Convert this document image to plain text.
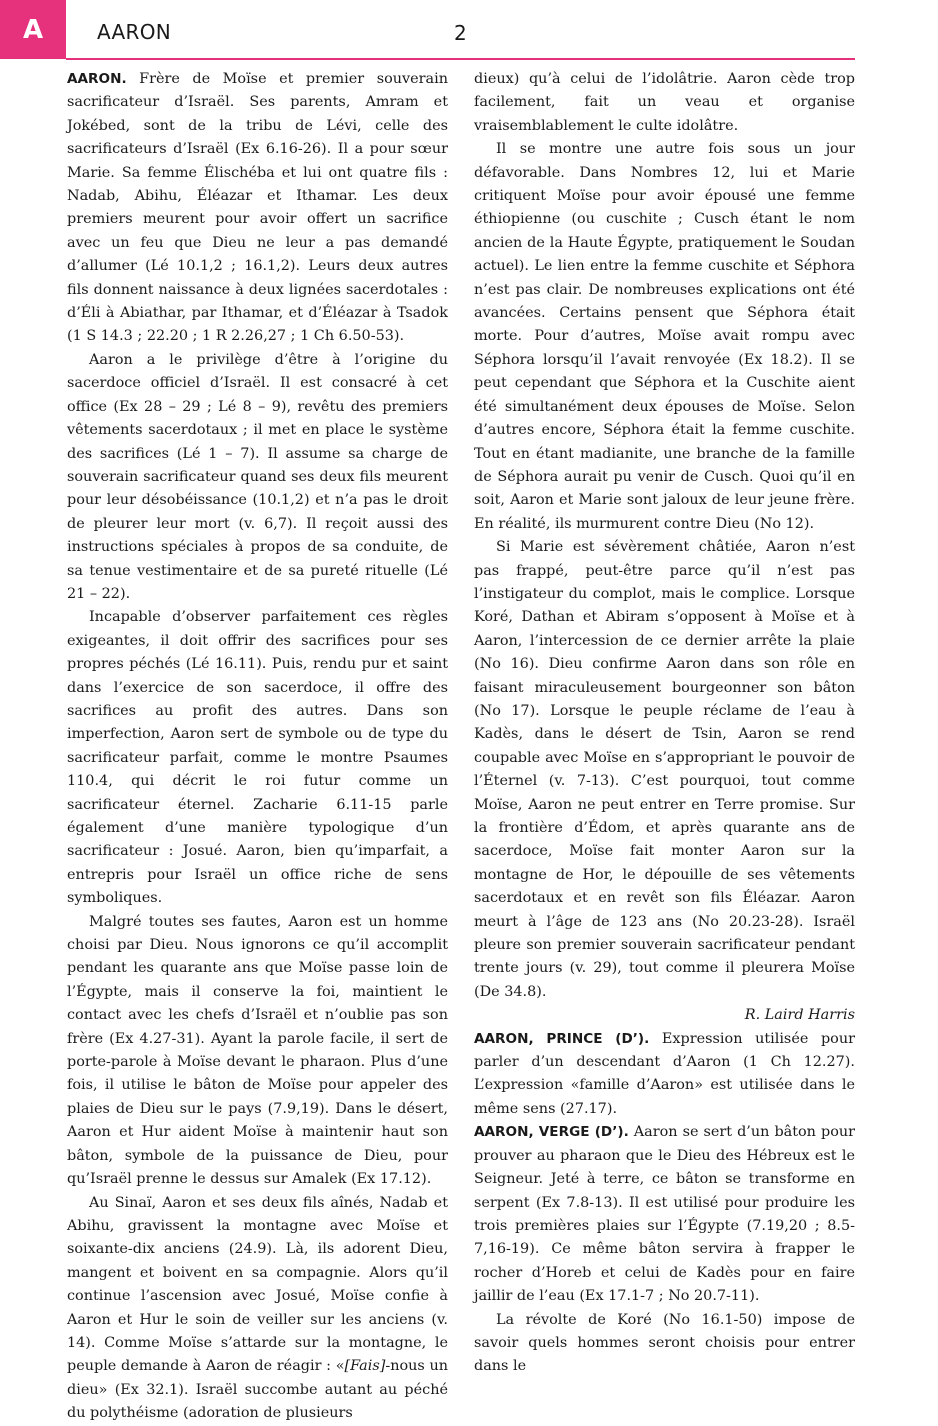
A	AARON	2

AARON. Frère de Moïse et premier souverain sacrificateur d’Israël. Ses parents, Amram et Jokébed, sont de la tribu de Lévi, celle des sacrificateurs d’Israël (Ex 6.16-26). Il a pour sœur Marie. Sa femme Élischéba et lui ont quatre fils : Nadab, Abihu, Éléazar et Ithamar. Les deux premiers meurent pour avoir offert un sacrifice avec un feu que Dieu ne leur a pas demandé d’allumer (Lé 10.1,2 ; 16.1,2). Leurs deux autres fils donnent naissance à deux lignées sacerdotales : d’Éli à Abiathar, par Ithamar, et d’Éléazar à Tsadok (1 S 14.3 ; 22.20 ; 1 R 2.26,27 ; 1 Ch 6.50-53).

Aaron a le privilège d’être à l’origine du sacerdoce officiel d’Israël. Il est consacré à cet office (Ex 28 – 29 ; Lé 8 – 9), revêtu des premiers vêtements sacerdotaux ; il met en place le système des sacrifices (Lé 1 – 7). Il assume sa charge de souverain sacrificateur quand ses deux fils meurent pour leur désobéissance (10.1,2) et n’a pas le droit de pleurer leur mort (v. 6,7). Il reçoit aussi des instructions spéciales à propos de sa conduite, de sa tenue vestimentaire et de sa pureté rituelle (Lé 21 – 22).

Incapable d’observer parfaitement ces règles exigeantes, il doit offrir des sacrifices pour ses propres péchés (Lé 16.11). Puis, rendu pur et saint dans l’exercice de son sacerdoce, il offre des sacrifices au profit des autres. Dans son imperfection, Aaron sert de symbole ou de type du sacrificateur parfait, comme le montre Psaumes 110.4, qui décrit le roi futur comme un sacrificateur éternel. Zacharie 6.11-15 parle également d’une manière typologique d’un sacrificateur : Josué. Aaron, bien qu’imparfait, a entrepris pour Israël un office riche de sens symboliques.

Malgré toutes ses fautes, Aaron est un homme choisi par Dieu. Nous ignorons ce qu’il accomplit pendant les quarante ans que Moïse passe loin de l’Égypte, mais il conserve la foi, maintient le contact avec les chefs d’Israël et n’oublie pas son frère (Ex 4.27-31). Ayant la parole facile, il sert de porte-parole à Moïse devant le pharaon. Plus d’une fois, il utilise le bâton de Moïse pour appeler des plaies de Dieu sur le pays (7.9,19). Dans le désert, Aaron et Hur aident Moïse à maintenir haut son bâton, symbole de la puissance de Dieu, pour qu’Israël prenne le dessus sur Amalek (Ex 17.12).

Au Sinaï, Aaron et ses deux fils aînés, Nadab et Abihu, gravissent la montagne avec Moïse et soixante-dix anciens (24.9). Là, ils adorent Dieu, mangent et boivent en sa compagnie. Alors qu’il continue l’ascension avec Josué, Moïse confie à Aaron et Hur le soin de veiller sur les anciens (v. 14). Comme Moïse s’attarde sur la montagne, le peuple demande à Aaron de réagir : «[Fais]-nous un dieu» (Ex 32.1). Israël succombe autant au péché du polythéisme (adoration de plusieurs

dieux) qu’à celui de l’idolâtrie. Aaron cède trop facilement, fait un veau et organise vraisemblablement le culte idolâtre.

Il se montre une autre fois sous un jour défavorable. Dans Nombres 12, lui et Marie critiquent Moïse pour avoir épousé une femme éthiopienne (ou cuschite ; Cusch étant le nom ancien de la Haute Égypte, pratiquement le Soudan actuel). Le lien entre la femme cuschite et Séphora n’est pas clair. De nombreuses explications ont été avancées. Certains pensent que Séphora était morte. Pour d’autres, Moïse avait rompu avec Séphora lorsqu’il l’avait renvoyée (Ex 18.2). Il se peut cependant que Séphora et la Cuschite aient été simultanément deux épouses de Moïse. Selon d’autres encore, Séphora était la femme cuschite. Tout en étant madianite, une branche de la famille de Séphora aurait pu venir de Cusch. Quoi qu’il en soit, Aaron et Marie sont jaloux de leur jeune frère. En réalité, ils murmurent contre Dieu (No 12).

Si Marie est sévèrement châtiée, Aaron n’est pas frappé, peut-être parce qu’il n’est pas l’instigateur du complot, mais le complice. Lorsque Koré, Dathan et Abiram s’opposent à Moïse et à Aaron, l’intercession de ce dernier arrête la plaie (No 16). Dieu confirme Aaron dans son rôle en faisant miraculeusement bourgeonner son bâton (No 17). Lorsque le peuple réclame de l’eau à Kadès, dans le désert de Tsin, Aaron se rend coupable avec Moïse en s’appropriant le pouvoir de l’Éternel (v. 7-13). C’est pourquoi, tout comme Moïse, Aaron ne peut entrer en Terre promise. Sur la frontière d’Édom, et après quarante ans de sacerdoce, Moïse fait monter Aaron sur la montagne de Hor, le dépouille de ses vêtements sacerdotaux et en revêt son fils Éléazar. Aaron meurt à l’âge de 123 ans (No 20.23-28). Israël pleure son premier souverain sacrificateur pendant trente jours (v. 29), tout comme il pleurera Moïse (De 34.8).

R. Laird Harris

AARON, PRINCE (D’). Expression utilisée pour parler d’un descendant d’Aaron (1 Ch 12.27). L’expression «famille d’Aaron» est utilisée dans le même sens (27.17).

AARON, VERGE (D’). Aaron se sert d’un bâton pour prouver au pharaon que le Dieu des Hébreux est le Seigneur. Jeté à terre, ce bâton se transforme en serpent (Ex 7.8-13). Il est utilisé pour produire les trois premières plaies sur l’Égypte (7.19,20 ; 8.5-7,16-19). Ce même bâton servira à frapper le rocher d’Horeb et celui de Kadès pour en faire jaillir de l’eau (Ex 17.1-7 ; No 20.7-11).

La révolte de Koré (No 16.1-50) impose de savoir quels hommes seront choisis pour entrer dans le
